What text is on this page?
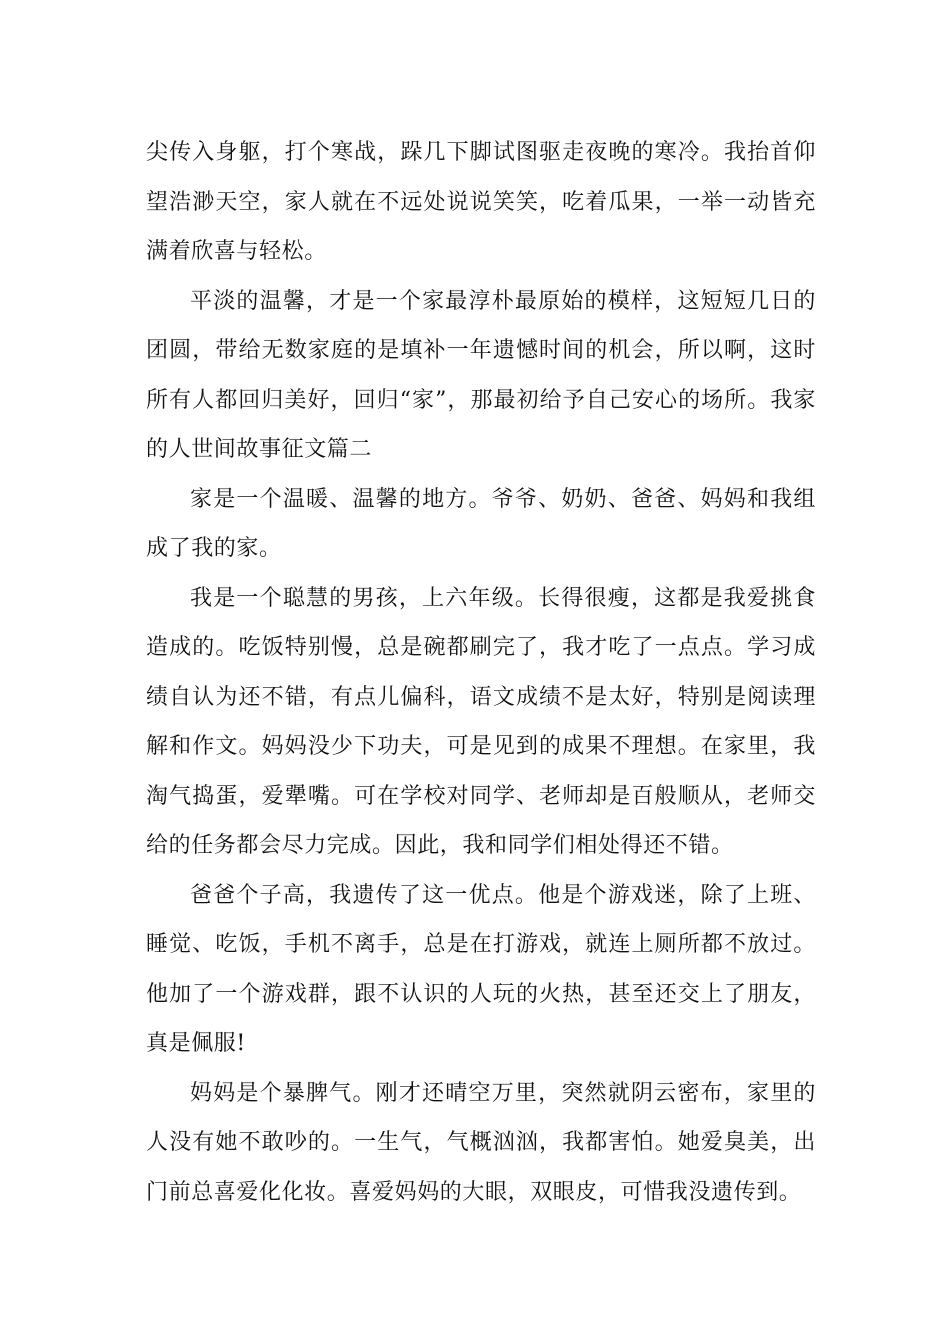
尖传入身躯，打个寒战，跺几下脚试图驱走夜晚的寒冷。我抬首仰望浩渺天空，家人就在不远处说说笑笑，吃着瓜果，一举一动皆充满着欣喜与轻松。

平淡的温馨，才是一个家最淳朴最原始的模样，这短短几日的团圆，带给无数家庭的是填补一年遗憾时间的机会，所以啊，这时所有人都回归美好，回归“家”，那最初给予自己安心的场所。我家的人世间故事征文篇二

家是一个温暖、温馨的地方。爷爷、奶奶、爸爸、妈妈和我组成了我的家。

我是一个聪慧的男孩，上六年级。长得很瘦，这都是我爱挑食造成的。吃饭特别慢，总是碗都刷完了，我才吃了一点点。学习成绩自认为还不错，有点儿偏科，语文成绩不是太好，特别是阅读理解和作文。妈妈没少下功夫，可是见到的成果不理想。在家里，我淘气捣蛋，爱犟嘴。可在学校对同学、老师却是百般顺从，老师交给的任务都会尽力完成。因此，我和同学们相处得还不错。

爸爸个子高，我遗传了这一优点。他是个游戏迷，除了上班、睡觉、吃饭，手机不离手，总是在打游戏，就连上厕所都不放过。他加了一个游戏群，跟不认识的人玩的火热，甚至还交上了朋友，真是佩服!

妈妈是个暴脾气。刚才还晴空万里，突然就阴云密布，家里的人没有她不敢吵的。一生气，气概汹汹，我都害怕。她爱臭美，出门前总喜爱化化妆。喜爱妈妈的大眼，双眼皮，可惜我没遗传到。
